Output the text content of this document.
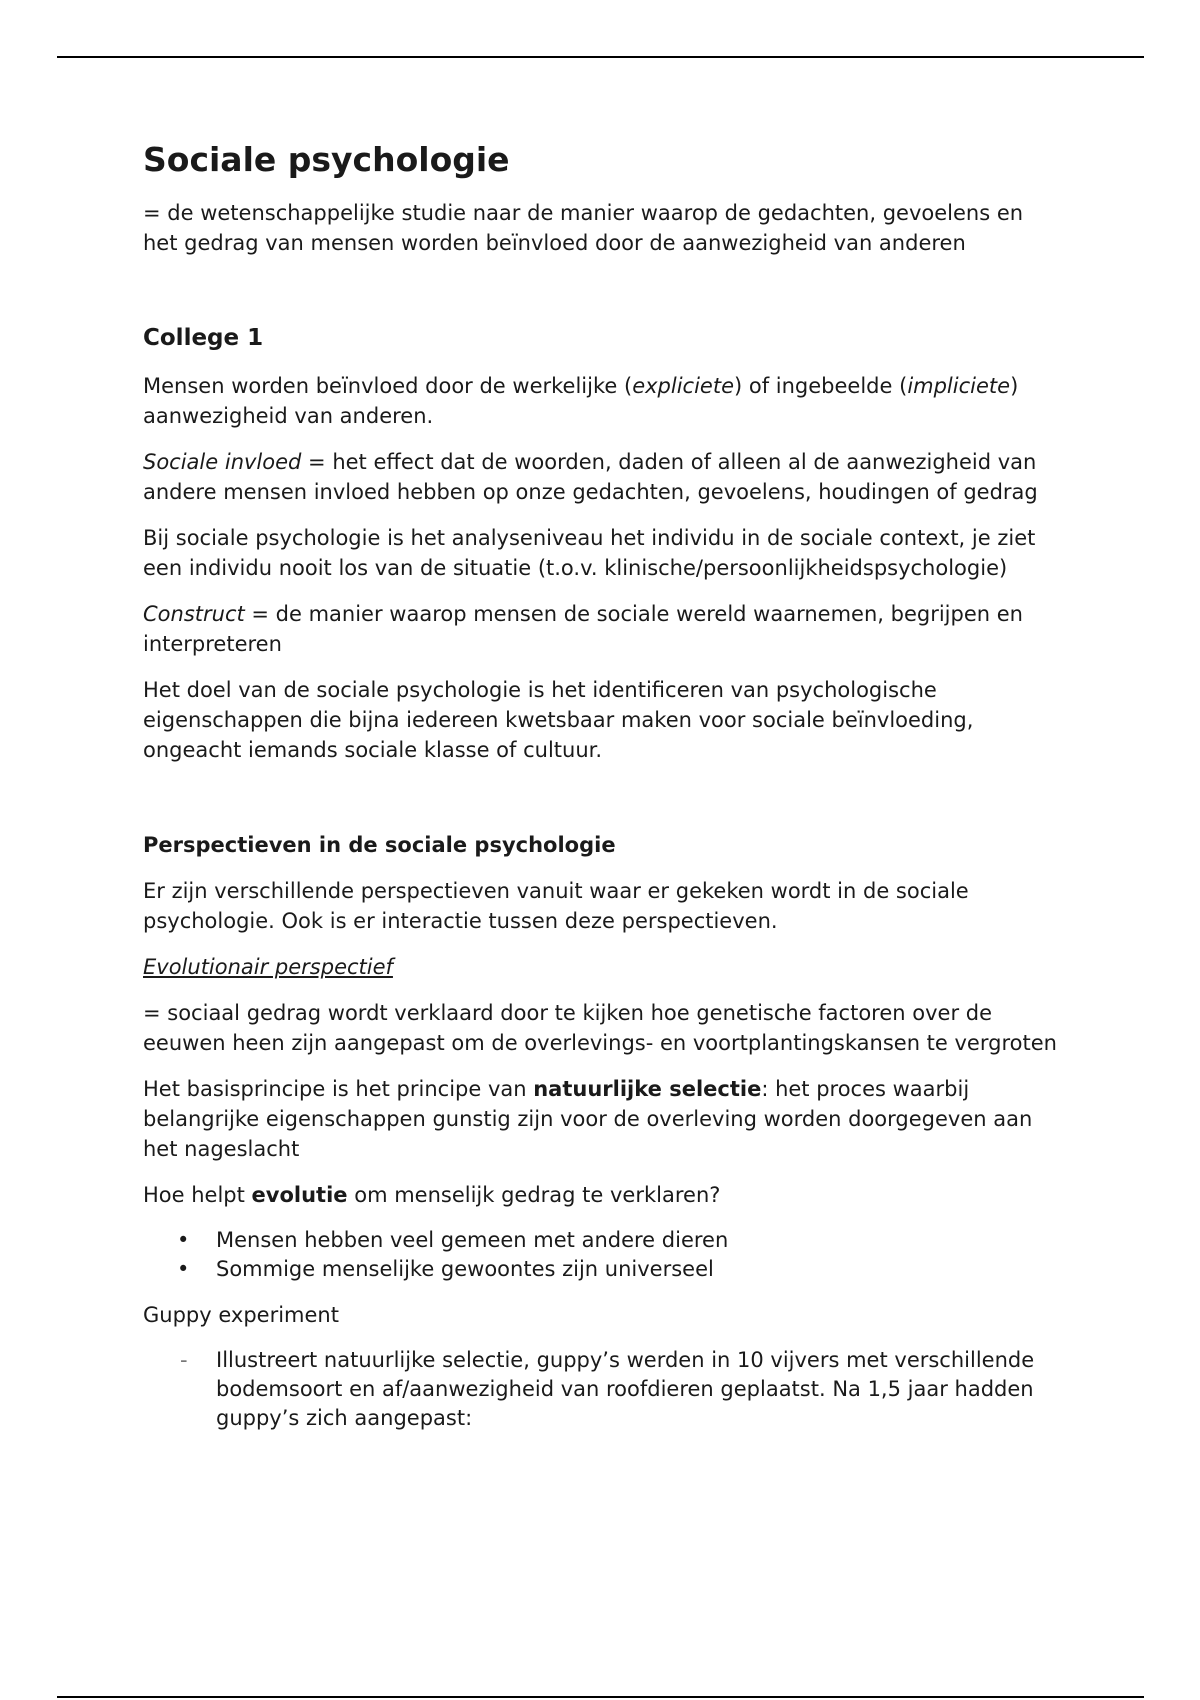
Sociale psychologie

= de wetenschappelijke studie naar de manier waarop de gedachten, gevoelens en het gedrag van mensen worden beïnvloed door de aanwezigheid van anderen

College 1

Mensen worden beïnvloed door de werkelijke (expliciete) of ingebeelde (impliciete) aanwezigheid van anderen.

Sociale invloed = het effect dat de woorden, daden of alleen al de aanwezigheid van andere mensen invloed hebben op onze gedachten, gevoelens, houdingen of gedrag

Bij sociale psychologie is het analyseniveau het individu in de sociale context, je ziet een individu nooit los van de situatie (t.o.v. klinische/persoonlijkheidspsychologie)

Construct = de manier waarop mensen de sociale wereld waarnemen, begrijpen en interpreteren

Het doel van de sociale psychologie is het identificeren van psychologische eigenschappen die bijna iedereen kwetsbaar maken voor sociale beïnvloeding, ongeacht iemands sociale klasse of cultuur.

Perspectieven in de sociale psychologie

Er zijn verschillende perspectieven vanuit waar er gekeken wordt in de sociale psychologie. Ook is er interactie tussen deze perspectieven.

Evolutionair perspectief

= sociaal gedrag wordt verklaard door te kijken hoe genetische factoren over de eeuwen heen zijn aangepast om de overlevings- en voortplantingskansen te vergroten

Het basisprincipe is het principe van natuurlijke selectie: het proces waarbij belangrijke eigenschappen gunstig zijn voor de overleving worden doorgegeven aan het nageslacht

Hoe helpt evolutie om menselijk gedrag te verklaren?

• Mensen hebben veel gemeen met andere dieren
• Sommige menselijke gewoontes zijn universeel

Guppy experiment

- Illustreert natuurlijke selectie, guppy’s werden in 10 vijvers met verschillende bodemsoort en af/aanwezigheid van roofdieren geplaatst. Na 1,5 jaar hadden guppy’s zich aangepast:
